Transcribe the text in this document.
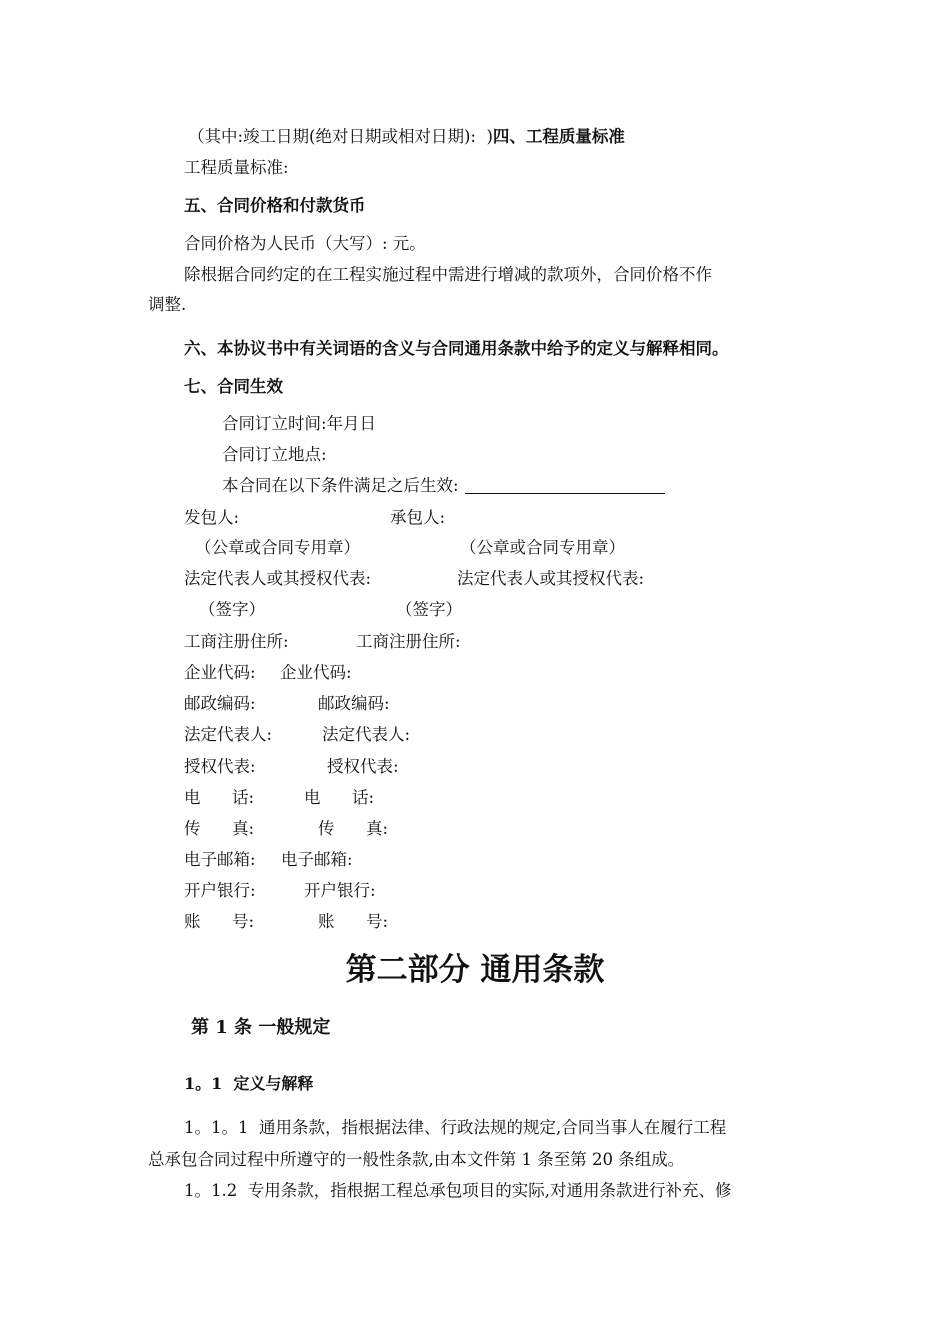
（其中:竣工日期(绝对日期或相对日期):  )四、工程质量标准
工程质量标准:
五、合同价格和付款货币
合同价格为人民币（大写）: 元。
除根据合同约定的在工程实施过程中需进行增减的款项外，合同价格不作
调整.
六、本协议书中有关词语的含义与合同通用条款中给予的定义与解释相同。
七、合同生效
合同订立时间:年月日
合同订立地点:
本合同在以下条件满足之后生效:
发包人:	承包人:
（公章或合同专用章）	（公章或合同专用章）
法定代表人或其授权代表:	法定代表人或其授权代表:
（签字）	（签字）
工商注册住所:	工商注册住所:
企业代码: 企业代码:
邮政编码:	邮政编码:
法定代表人:	法定代表人:
授权代表:	授权代表:
电      话:	电      话:
传      真:	传      真:
电子邮箱: 电子邮箱:
开户银行:	开户银行:
账      号:	账      号:
第二部分 通用条款
第 1 条 一般规定
1。1  定义与解释
1。1。1  通用条款，指根据法律、行政法规的规定,合同当事人在履行工程
总承包合同过程中所遵守的一般性条款,由本文件第 1 条至第 20 条组成。
1。1.2  专用条款，指根据工程总承包项目的实际,对通用条款进行补充、修
